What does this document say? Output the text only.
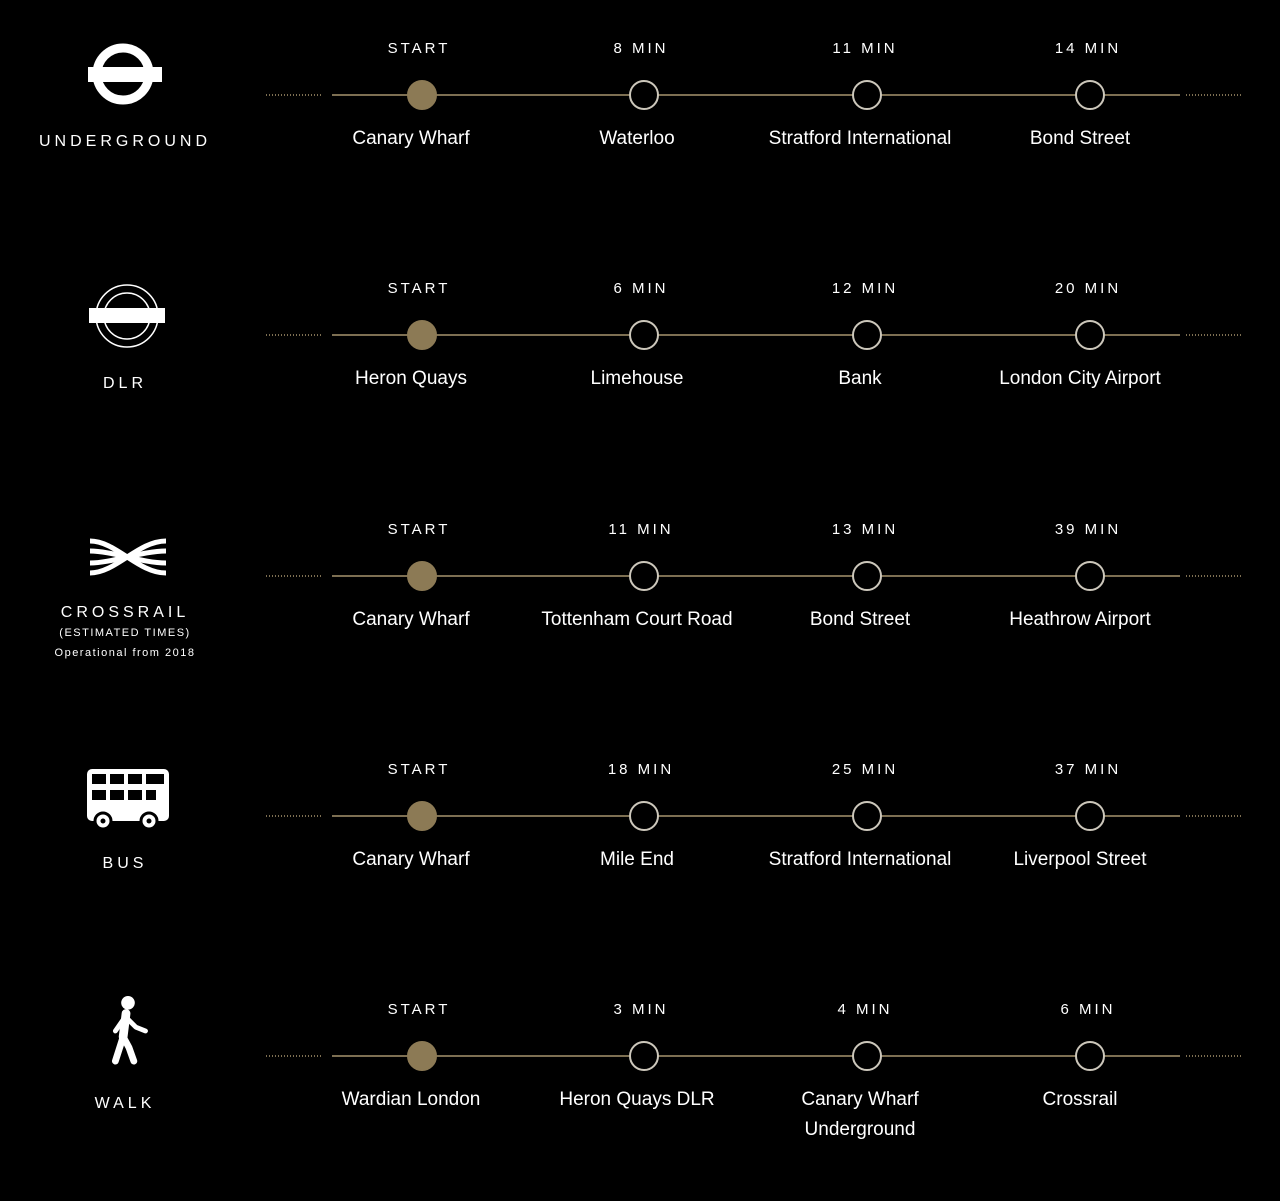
UNDERGROUND
START
Canary Wharf
8 MIN
Waterloo
11 MIN
Stratford International
14 MIN
Bond Street
DLR
START
Heron Quays
6 MIN
Limehouse
12 MIN
Bank
20 MIN
London City Airport
CROSSRAIL
(ESTIMATED TIMES)
Operational from 2018
START
Canary Wharf
11 MIN
Tottenham Court Road
13 MIN
Bond Street
39 MIN
Heathrow Airport
BUS
START
Canary Wharf
18 MIN
Mile End
25 MIN
Stratford International
37 MIN
Liverpool Street
WALK
START
Wardian London
3 MIN
Heron Quays DLR
4 MIN
Canary Wharf
Underground
6 MIN
Crossrail
